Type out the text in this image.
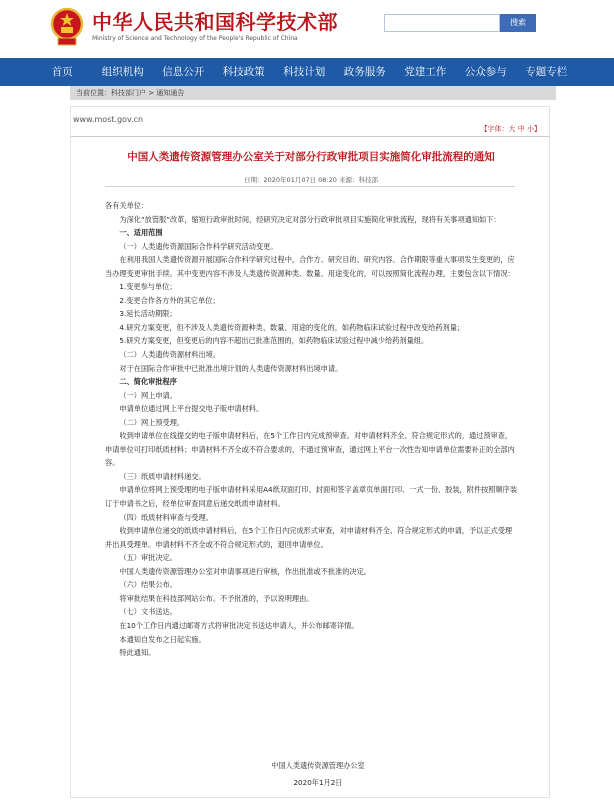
中华人民共和国科学技术部
Ministry of Science and Technology of the People's Republic of China
搜索
首页	组织机构	信息公开	科技政策	科技计划	政务服务	党建工作	公众参与	专题专栏
当前位置：科技部门户 > 通知通告
www.most.gov.cn
【字体：大 中 小】
中国人类遗传资源管理办公室关于对部分行政审批项目实施简化审批流程的通知
日期：2020年01月07日 08:20 来源：科技部

各有关单位：

为深化“放管服”改革，缩短行政审批时间，经研究决定对部分行政审批项目实施简化审批流程，现将有关事项通知如下：

一、适用范围

（一）人类遗传资源国际合作科学研究活动变更。

在利用我国人类遗传资源开展国际合作科学研究过程中，合作方、研究目的、研究内容、合作期限等重大事项发生变更的，应当办理变更审批手续。其中变更内容不涉及人类遗传资源种类、数量、用途变化的，可以按照简化流程办理，主要包含以下情况：

1.变更参与单位；

2.变更合作各方外的其它单位；

3.延长活动期限；

4.研究方案变更，但不涉及人类遗传资源种类、数量、用途的变化的，如药物临床试验过程中改变给药剂量；

5.研究方案变更，但变更后的内容不超出已批准范围的，如药物临床试验过程中减少给药剂量组。

（二）人类遗传资源材料出境。

对于在国际合作审批中已批准出境计划的人类遗传资源材料出境申请。

二、简化审批程序

（一）网上申请。

申请单位通过网上平台提交电子版申请材料。

（二）网上预受理。

收到申请单位在线提交的电子版申请材料后，在5个工作日内完成预审查。对申请材料齐全、符合规定形式的，通过预审查，申请单位可打印纸质材料；申请材料不齐全或不符合要求的，不通过预审查，通过网上平台一次性告知申请单位需要补正的全部内容。

（三）纸质申请材料递交。

申请单位将网上预受理的电子版申请材料采用A4纸双面打印、封面和签字盖章页单面打印、一式一份、胶装，附件按照顺序装订于申请书之后，经单位审查同意后递交纸质申请材料。

（四）纸质材料审查与受理。

收到申请单位递交的纸质申请材料后，在5个工作日内完成形式审查，对申请材料齐全、符合规定形式的申请，予以正式受理并出具受理单。申请材料不齐全或不符合规定形式的，退回申请单位。

（五）审批决定。

中国人类遗传资源管理办公室对申请事项进行审核，作出批准或不批准的决定。

（六）结果公布。

将审批结果在科技部网站公布。不予批准的，予以说明理由。

（七）文书送达。

在10个工作日内通过邮寄方式将审批决定书送达申请人，并公布邮寄详情。

本通知自发布之日起实施。

特此通知。

中国人类遗传资源管理办公室
2020年1月2日
